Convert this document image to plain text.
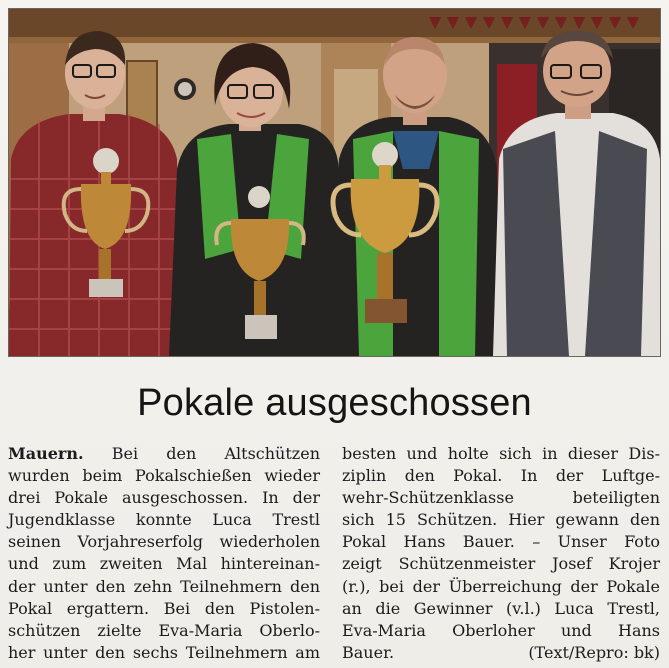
Pokale ausgeschossen
Mauern. Bei den Altschützen
wurden beim Pokalschießen wieder
drei Pokale ausgeschossen. In der
Jugendklasse konnte Luca Trestl
seinen Vorjahreserfolg wiederholen
und zum zweiten Mal hintereinan-
der unter den zehn Teilnehmern den
Pokal ergattern. Bei den Pistolen-
schützen zielte Eva-Maria Oberlo-
her unter den sechs Teilnehmern am
besten und holte sich in dieser Dis-
ziplin den Pokal. In der Luftge-
wehr-Schützenklasse beteiligten
sich 15 Schützen. Hier gewann den
Pokal Hans Bauer. – Unser Foto
zeigt Schützenmeister Josef Krojer
(r.), bei der Überreichung der Pokale
an die Gewinner (v.l.) Luca Trestl,
Eva-Maria Oberloher und Hans
Bauer.	(Text/Repro: bk)
